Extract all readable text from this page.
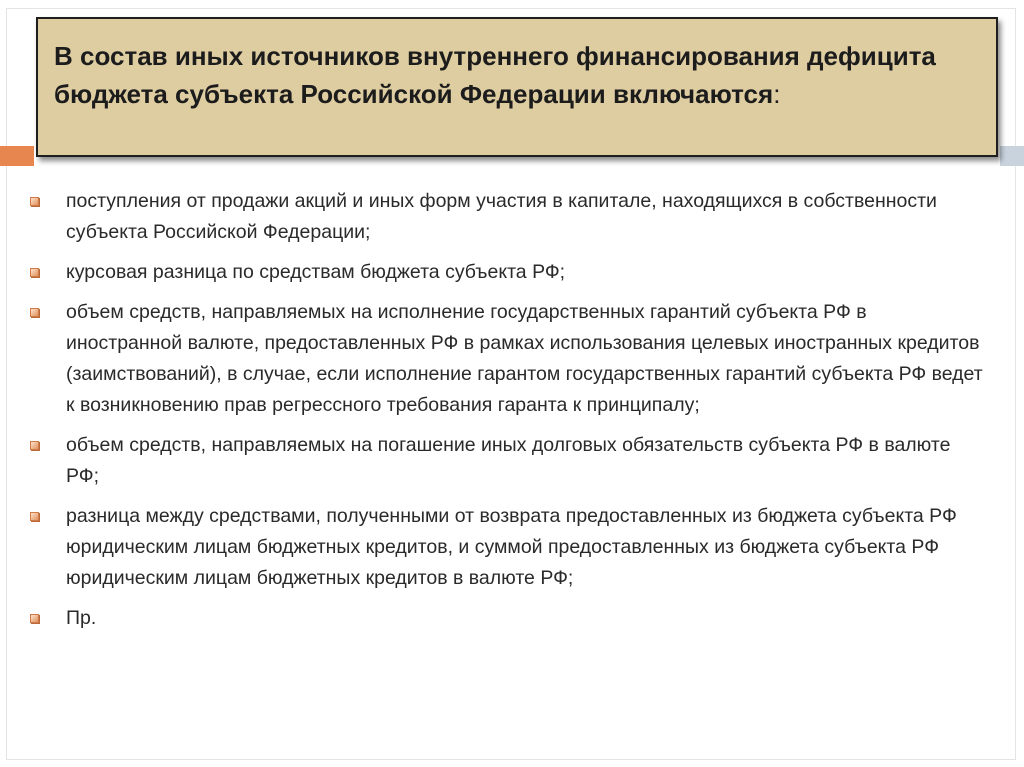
В состав иных источников внутреннего финансирования дефицита бюджета субъекта Российской Федерации включаются:

поступления от продажи акций и иных форм участия в капитале, находящихся в собственности субъекта Российской Федерации;
курсовая разница по средствам бюджета субъекта РФ;
объем средств, направляемых на исполнение государственных гарантий субъекта РФ в иностранной валюте, предоставленных РФ в рамках использования целевых иностранных кредитов (заимствований), в случае, если исполнение гарантом государственных гарантий субъекта РФ ведет к возникновению прав регрессного требования гаранта к принципалу;
объем средств, направляемых на погашение иных долговых обязательств субъекта РФ в валюте РФ;
разница между средствами, полученными от возврата предоставленных из бюджета субъекта РФ юридическим лицам бюджетных кредитов, и суммой предоставленных из бюджета субъекта РФ юридическим лицам бюджетных кредитов в валюте РФ;
Пр.
